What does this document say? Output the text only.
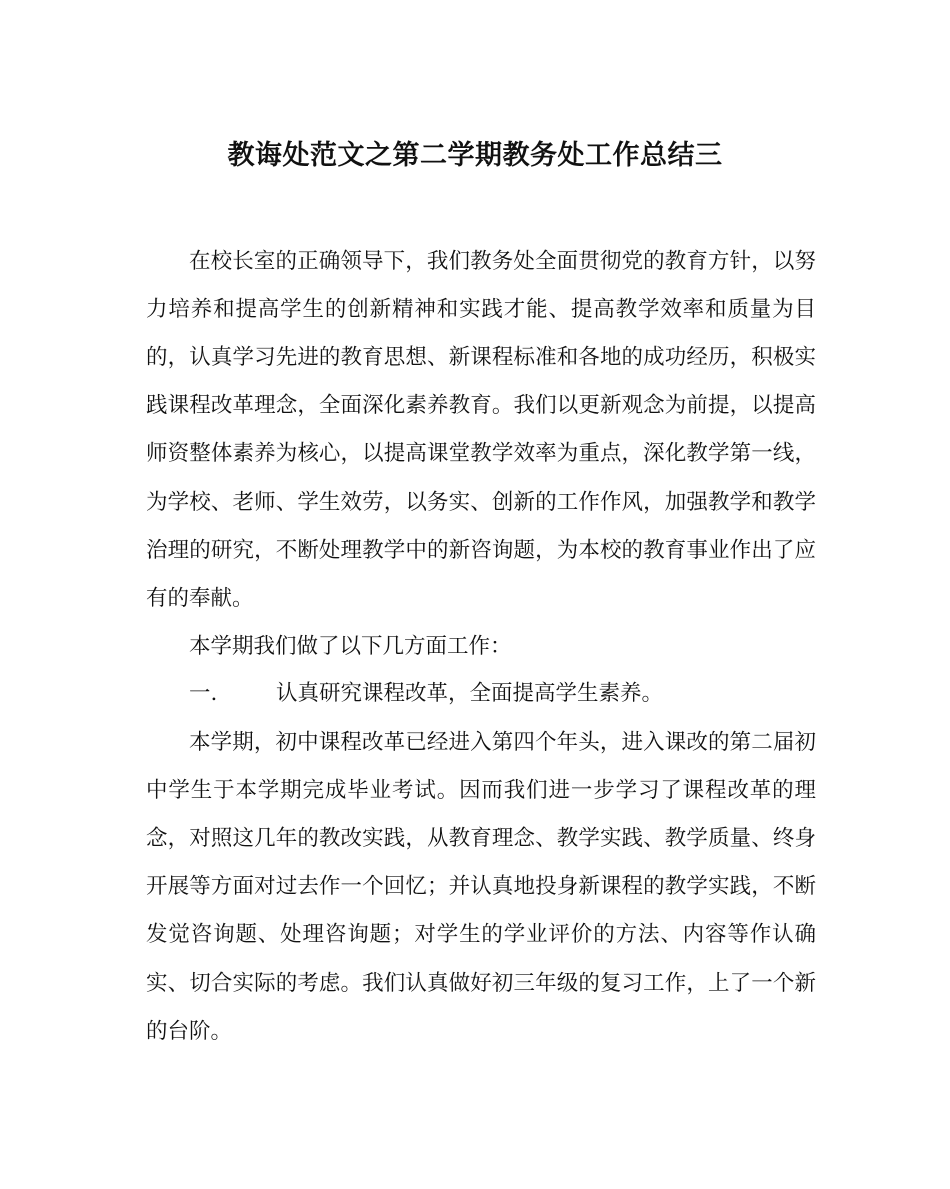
教诲处范文之第二学期教务处工作总结三

在校长室的正确领导下，我们教务处全面贯彻党的教育方针，以努力培养和提高学生的创新精神和实践才能、提高教学效率和质量为目的，认真学习先进的教育思想、新课程标准和各地的成功经历，积极实践课程改革理念，全面深化素养教育。我们以更新观念为前提，以提高师资整体素养为核心，以提高课堂教学效率为重点，深化教学第一线，为学校、老师、学生效劳，以务实、创新的工作作风，加强教学和教学治理的研究，不断处理教学中的新咨询题，为本校的教育事业作出了应有的奉献。

本学期我们做了以下几方面工作：

一.	认真研究课程改革，全面提高学生素养。

本学期，初中课程改革已经进入第四个年头，进入课改的第二届初中学生于本学期完成毕业考试。因而我们进一步学习了课程改革的理念，对照这几年的教改实践，从教育理念、教学实践、教学质量、终身开展等方面对过去作一个回忆；并认真地投身新课程的教学实践，不断发觉咨询题、处理咨询题；对学生的学业评价的方法、内容等作认确实、切合实际的考虑。我们认真做好初三年级的复习工作，上了一个新的台阶。
